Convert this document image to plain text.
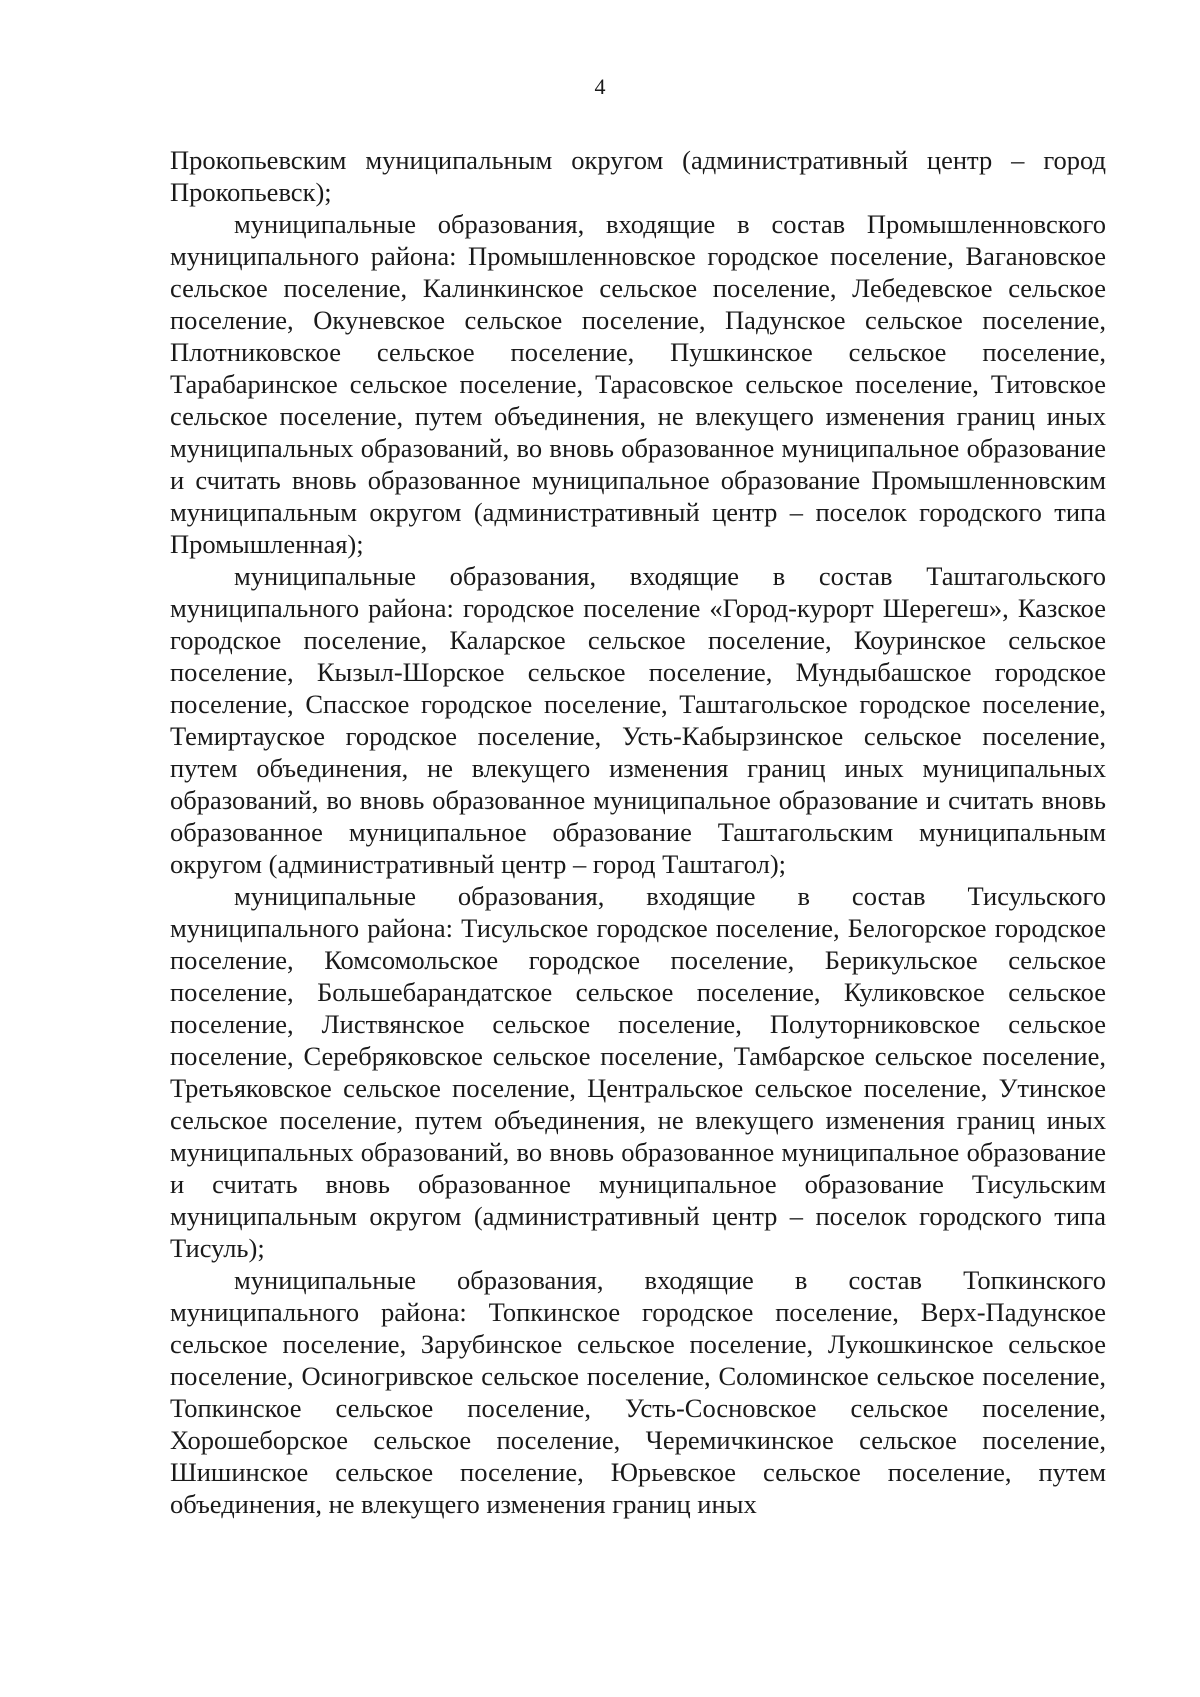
4

Прокопьевским муниципальным округом (административный центр – город Прокопьевск);

муниципальные образования, входящие в состав Промышленновского муниципального района: Промышленновское городское поселение, Вагановское сельское поселение, Калинкинское сельское поселение, Лебедевское сельское поселение, Окуневское сельское поселение, Падунское сельское поселение, Плотниковское сельское поселение, Пушкинское сельское поселение, Тарабаринское сельское поселение, Тарасовское сельское поселение, Титовское сельское поселение, путем объединения, не влекущего изменения границ иных муниципальных образований, во вновь образованное муниципальное образование и считать вновь образованное муниципальное образование Промышленновским муниципальным округом (административный центр – поселок городского типа Промышленная);

муниципальные образования, входящие в состав Таштагольского муниципального района: городское поселение «Город-курорт Шерегеш», Казское городское поселение, Каларское сельское поселение, Коуринское сельское поселение, Кызыл-Шорское сельское поселение, Мундыбашское городское поселение, Спасское городское поселение, Таштагольское городское поселение, Темиртауское городское поселение, Усть-Кабырзинское сельское поселение, путем объединения, не влекущего изменения границ иных муниципальных образований, во вновь образованное муниципальное образование и считать вновь образованное муниципальное образование Таштагольским муниципальным округом (административный центр – город Таштагол);

муниципальные образования, входящие в состав Тисульского муниципального района: Тисульское городское поселение, Белогорское городское поселение, Комсомольское городское поселение, Берикульское сельское поселение, Большебарандатское сельское поселение, Куликовское сельское поселение, Листвянское сельское поселение, Полуторниковское сельское поселение, Серебряковское сельское поселение, Тамбарское сельское поселение, Третьяковское сельское поселение, Центральское сельское поселение, Утинское сельское поселение, путем объединения, не влекущего изменения границ иных муниципальных образований, во вновь образованное муниципальное образование и считать вновь образованное муниципальное образование Тисульским муниципальным округом (административный центр – поселок городского типа Тисуль);

муниципальные образования, входящие в состав Топкинского муниципального района: Топкинское городское поселение, Верх-Падунское сельское поселение, Зарубинское сельское поселение, Лукошкинское сельское поселение, Осиногривское сельское поселение, Соломинское сельское поселение, Топкинское сельское поселение, Усть-Сосновское сельское поселение, Хорошеборское сельское поселение, Черемичкинское сельское поселение, Шишинское сельское поселение, Юрьевское сельское поселение, путем объединения, не влекущего изменения границ иных
